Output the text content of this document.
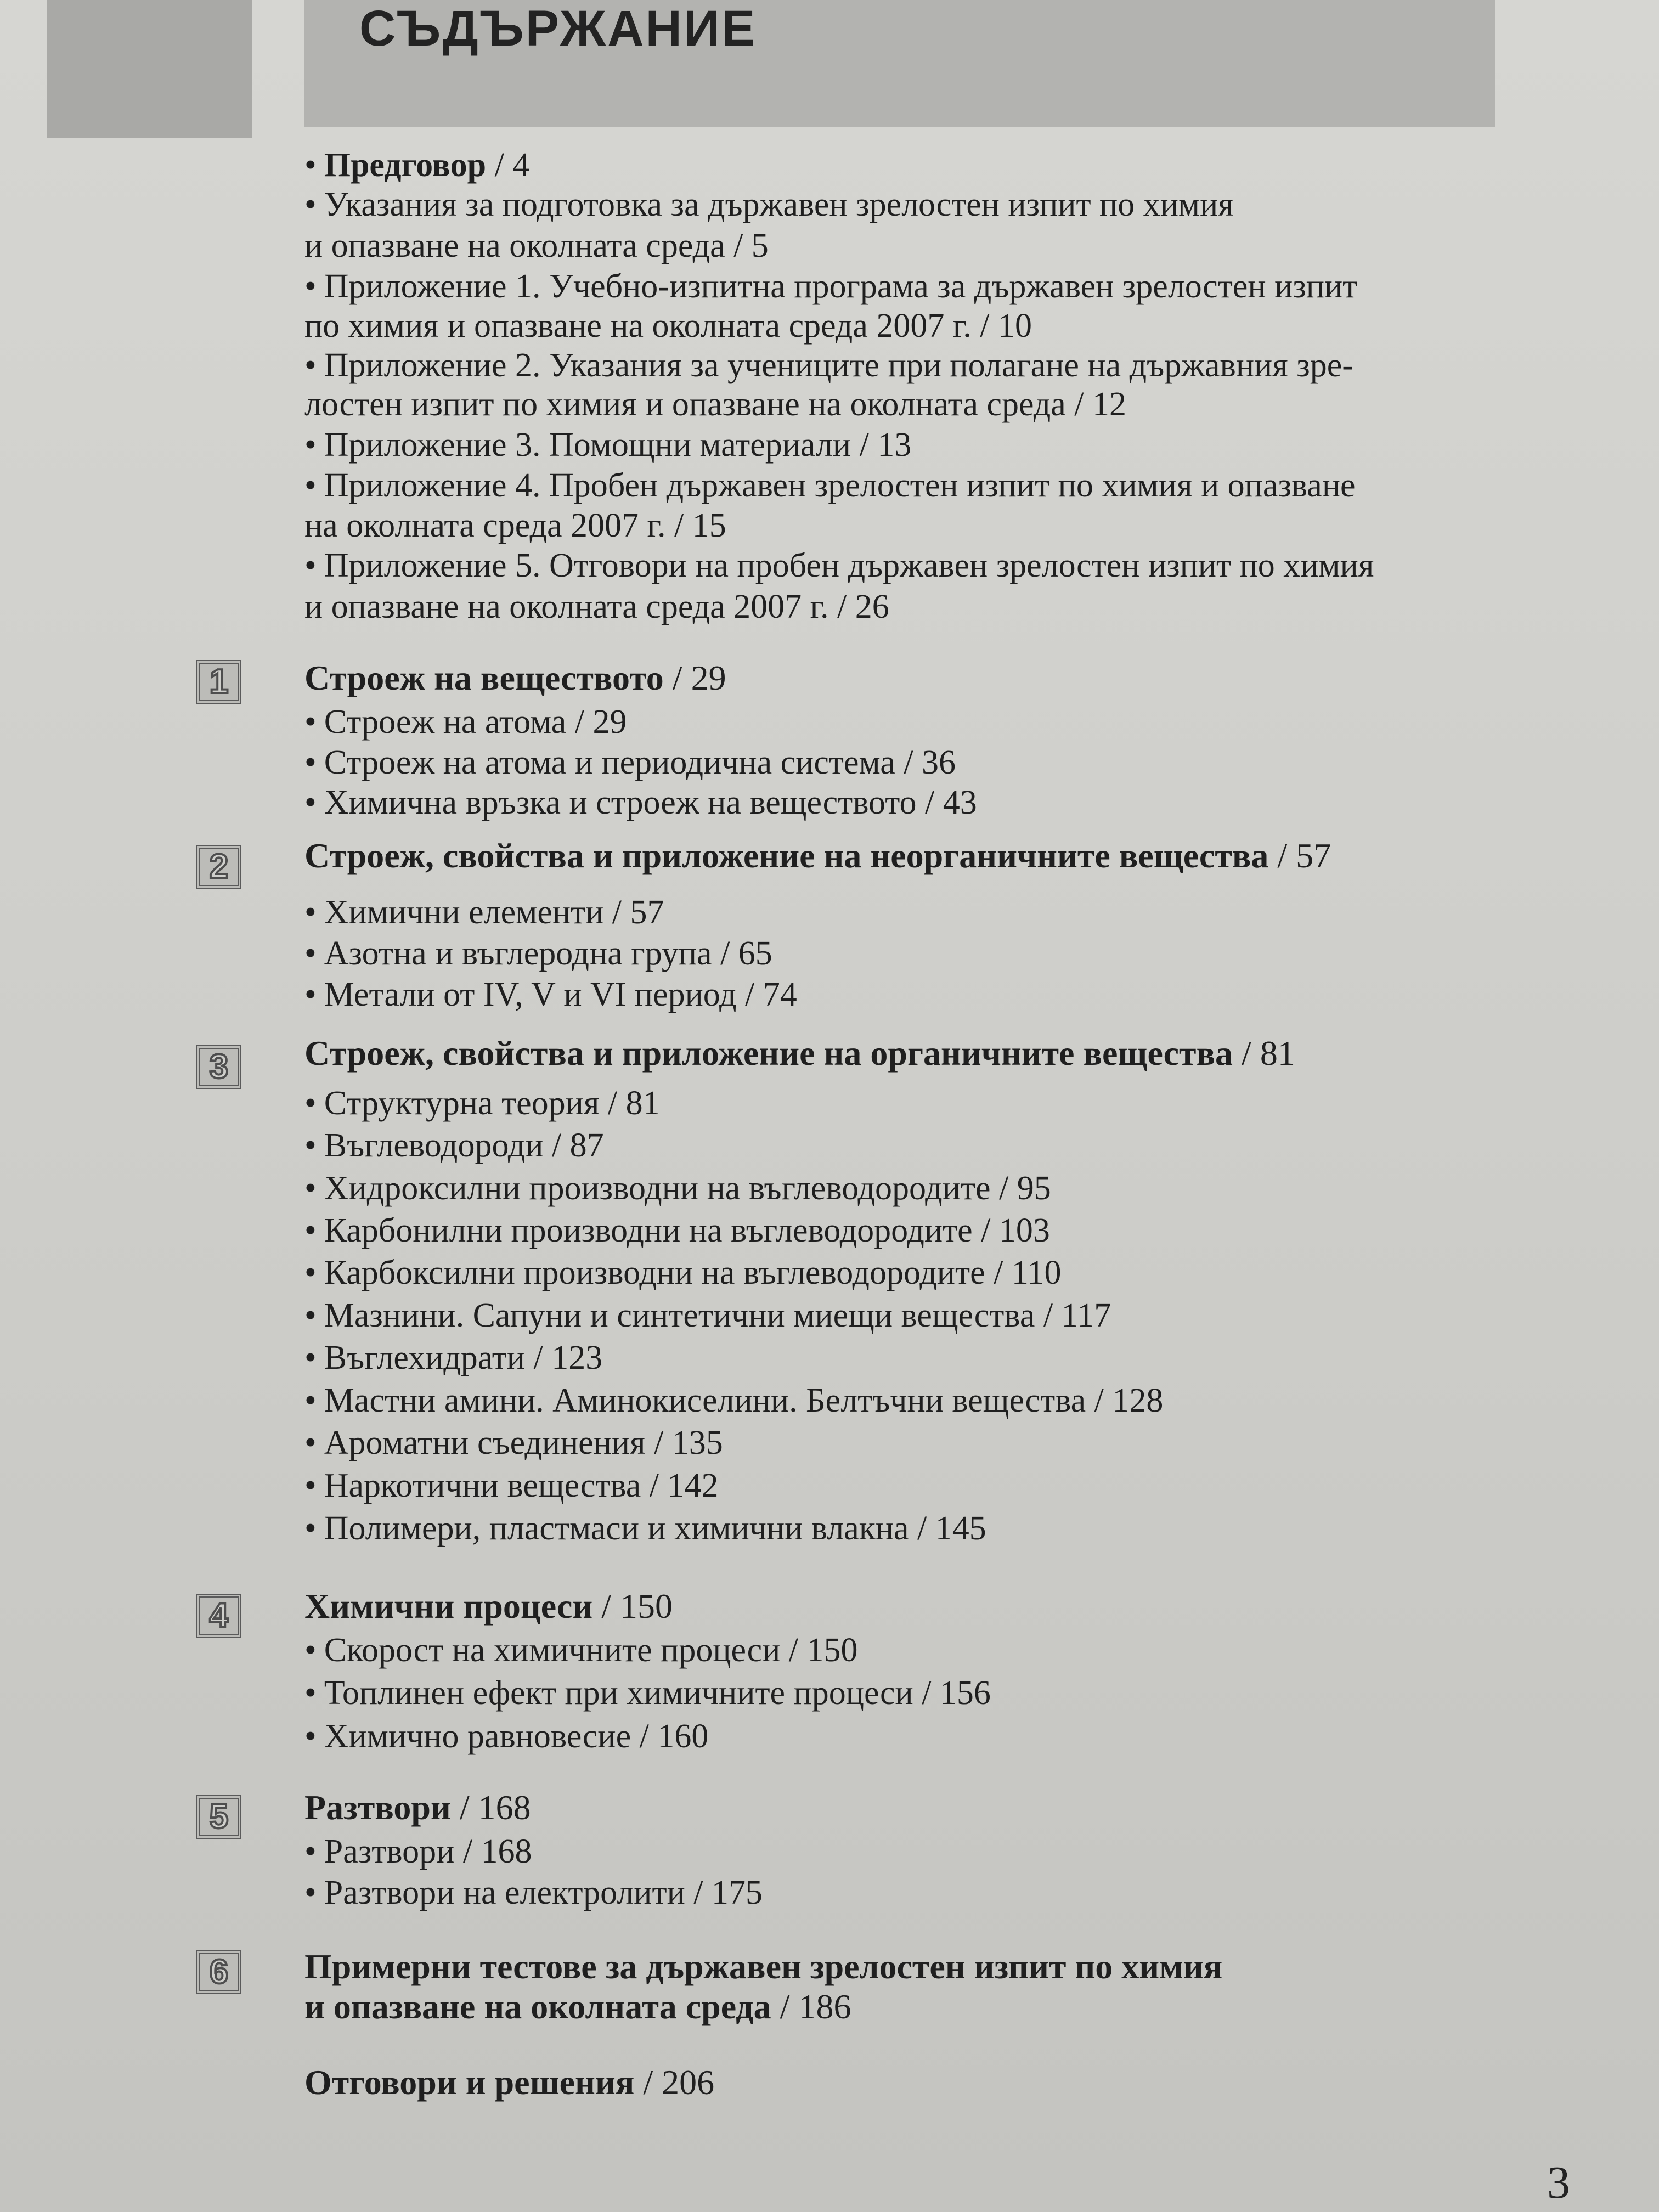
СЪДЪРЖАНИЕ
• Предговор / 4
• Указания за подготовка за държавен зрелостен изпит по химия
и опазване на околната среда / 5
• Приложение 1. Учебно-изпитна програма за държавен зрелостен изпит
по химия и опазване на околната среда 2007 г. / 10
• Приложение 2. Указания за учениците при полагане на държавния зре-
лостен изпит по химия и опазване на околната среда / 12
• Приложение 3. Помощни материали / 13
• Приложение 4. Пробен държавен зрелостен изпит по химия и опазване
на околната среда 2007 г. / 15
• Приложение 5. Отговори на пробен държавен зрелостен изпит по химия
и опазване на околната среда 2007 г. / 26
1	Строеж на веществото / 29
• Строеж на атома / 29
• Строеж на атома и периодична система / 36
• Химична връзка и строеж на веществото / 43
2	Строеж, свойства и приложение на неорганичните вещества / 57
• Химични елементи / 57
• Азотна и въглеродна група / 65
• Метали от IV, V и VI период / 74
3	Строеж, свойства и приложение на органичните вещества / 81
• Структурна теория / 81
• Въглеводороди / 87
• Хидроксилни производни на въглеводородите / 95
• Карбонилни производни на въглеводородите / 103
• Карбоксилни производни на въглеводородите / 110
• Мазнини. Сапуни и синтетични миещи вещества / 117
• Въглехидрати / 123
• Мастни амини. Аминокиселини. Белтъчни вещества / 128
• Ароматни съединения / 135
• Наркотични вещества / 142
• Полимери, пластмаси и химични влакна / 145
4	Химични процеси / 150
• Скорост на химичните процеси / 150
• Топлинен ефект при химичните процеси / 156
• Химично равновесие / 160
5	Разтвори / 168
• Разтвори / 168
• Разтвори на електролити / 175
6	Примерни тестове за държавен зрелостен изпит по химия
и опазване на околната среда / 186
Отговори и решения / 206
3
